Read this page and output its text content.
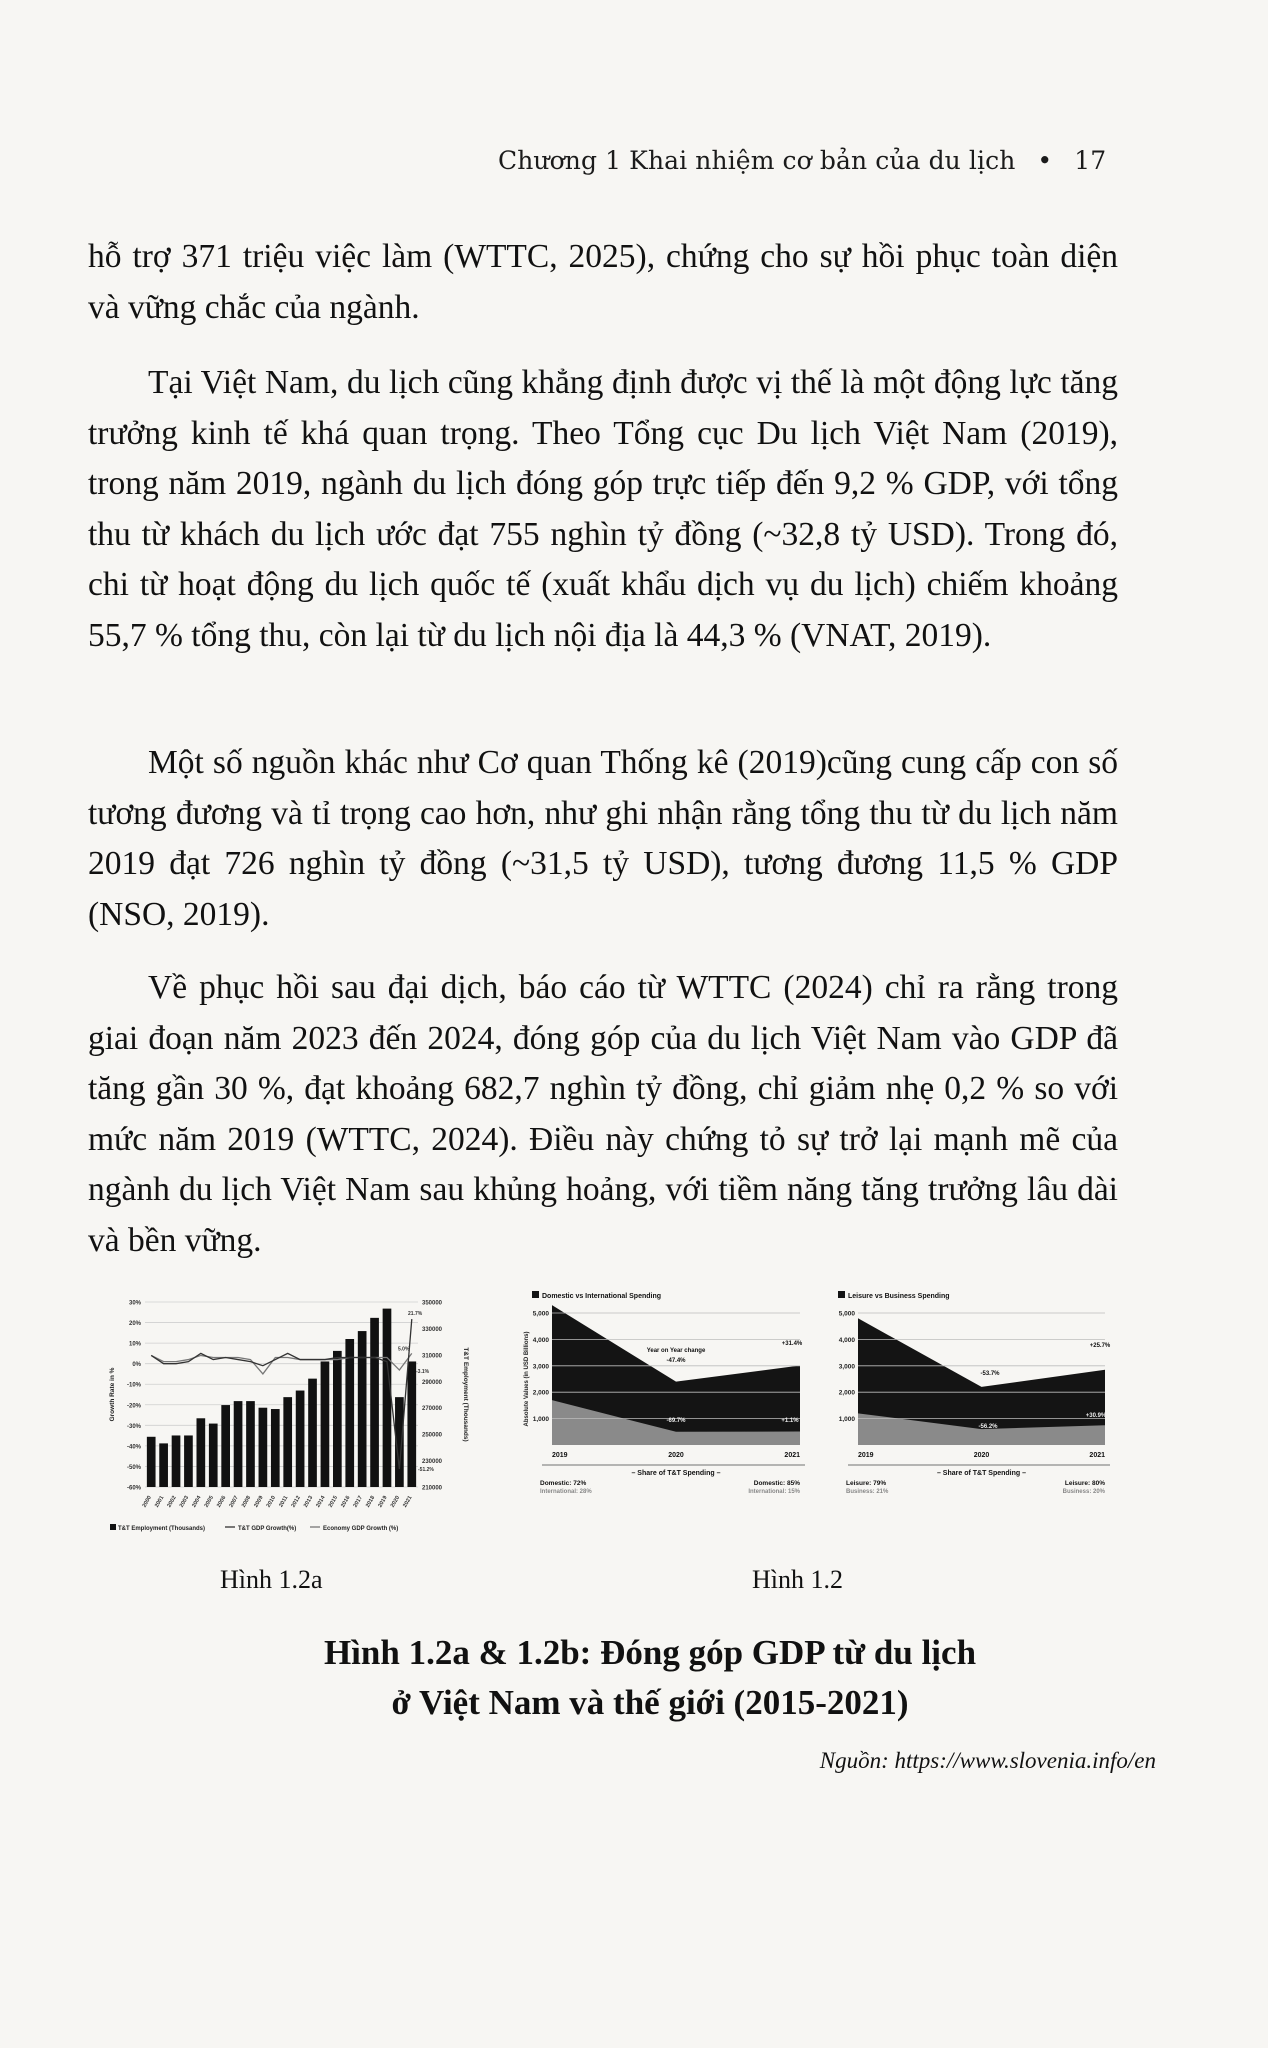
Chương 1 Khai nhiệm cơ bản của du lịch • 17

hỗ trợ 371 triệu việc làm (WTTC, 2025), chứng cho sự hồi phục toàn diện và vững chắc của ngành.

Tại Việt Nam, du lịch cũng khẳng định được vị thế là một động lực tăng trưởng kinh tế khá quan trọng. Theo Tổng cục Du lịch Việt Nam (2019), trong năm 2019, ngành du lịch đóng góp trực tiếp đến 9,2 % GDP, với tổng thu từ khách du lịch ước đạt 755 nghìn tỷ đồng (~32,8 tỷ USD). Trong đó, chi từ hoạt động du lịch quốc tế (xuất khẩu dịch vụ du lịch) chiếm khoảng 55,7 % tổng thu, còn lại từ du lịch nội địa là 44,3 % (VNAT, 2019).

Một số nguồn khác như Cơ quan Thống kê (2019)cũng cung cấp con số tương đương và tỉ trọng cao hơn, như ghi nhận rằng tổng thu từ du lịch năm 2019 đạt 726 nghìn tỷ đồng (~31,5 tỷ USD), tương đương 11,5 % GDP (NSO, 2019).

Về phục hồi sau đại dịch, báo cáo từ WTTC (2024) chỉ ra rằng trong giai đoạn năm 2023 đến 2024, đóng góp của du lịch Việt Nam vào GDP đã tăng gần 30 %, đạt khoảng 682,7 nghìn tỷ đồng, chỉ giảm nhẹ 0,2 % so với mức năm 2019 (WTTC, 2024). Điều này chứng tỏ sự trở lại mạnh mẽ của ngành du lịch Việt Nam sau khủng hoảng, với tiềm năng tăng trưởng lâu dài và bền vững.

30%
20%
10%
0%
-10%
-20%
-30%
-40%
-50%
-60%
350000
330000
310000
290000
270000
250000
230000
210000
Growth Rate in %	T&T Employment (Thousands)
2000 2001 2002 2003 2004 2005 2006 2007 2008 2009 2010 2011 2012 2013 2014 2015 2016 2017 2018 2019 2020 2021
21.7%
5.0%
-3.1%
-51.2%
T&T Employment (Thousands)	T&T GDP Growth(%)	Economy GDP Growth (%)
Domestic vs International Spending
5,000
4,000
3,000
2,000
1,000
Absolute Values (in USD Billions)
2019	2020	2021
Year on Year change
-47.4%
+31.4%
-69.7%	+1.1%
– Share of T&T Spending –
Domestic: 72%
International: 28%
Domestic: 85%
International: 15%
Leisure vs Business Spending
5,000
4,000
3,000
2,000
1,000
2019	2020	2021
-53.7%
+25.7%
-56.2%
+30.9%
– Share of T&T Spending –
Leisure: 79%
Business: 21%
Leisure: 80%
Business: 20%
Hình 1.2a	Hình 1.2
Hình 1.2a & 1.2b: Đóng góp GDP từ du lịch
ở Việt Nam và thế giới (2015-2021)
Nguồn: https://www.slovenia.info/en
